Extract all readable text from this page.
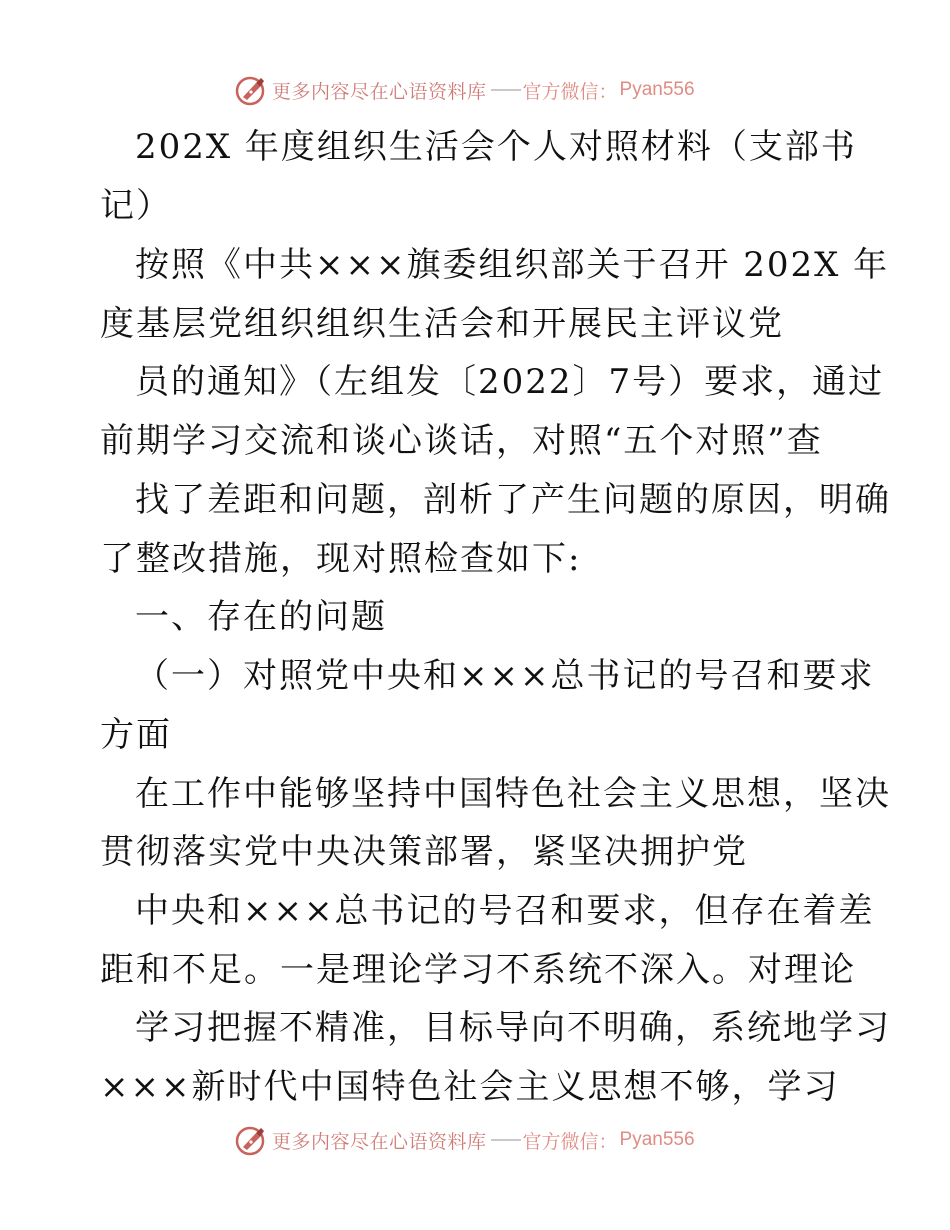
更多内容尽在心语资料库 官方微信： Pyan556
202X 年度组织生活会个人对照材料（支部书
记）
按照《中共×××旗委组织部关于召开 202X 年
度基层党组织组织生活会和开展民主评议党
员的通知》（左组发〔2022〕7号）要求，通过
前期学习交流和谈心谈话，对照“五个对照”查
找了差距和问题，剖析了产生问题的原因，明确
了整改措施，现对照检查如下:
一、存在的问题
（一）对照党中央和×××总书记的号召和要求
方面
在工作中能够坚持中国特色社会主义思想，坚决
贯彻落实党中央决策部署，紧坚决拥护党
中央和×××总书记的号召和要求，但存在着差
距和不足。一是理论学习不系统不深入。对理论
学习把握不精准，目标导向不明确，系统地学习
×××新时代中国特色社会主义思想不够，学习
更多内容尽在心语资料库 官方微信： Pyan556
